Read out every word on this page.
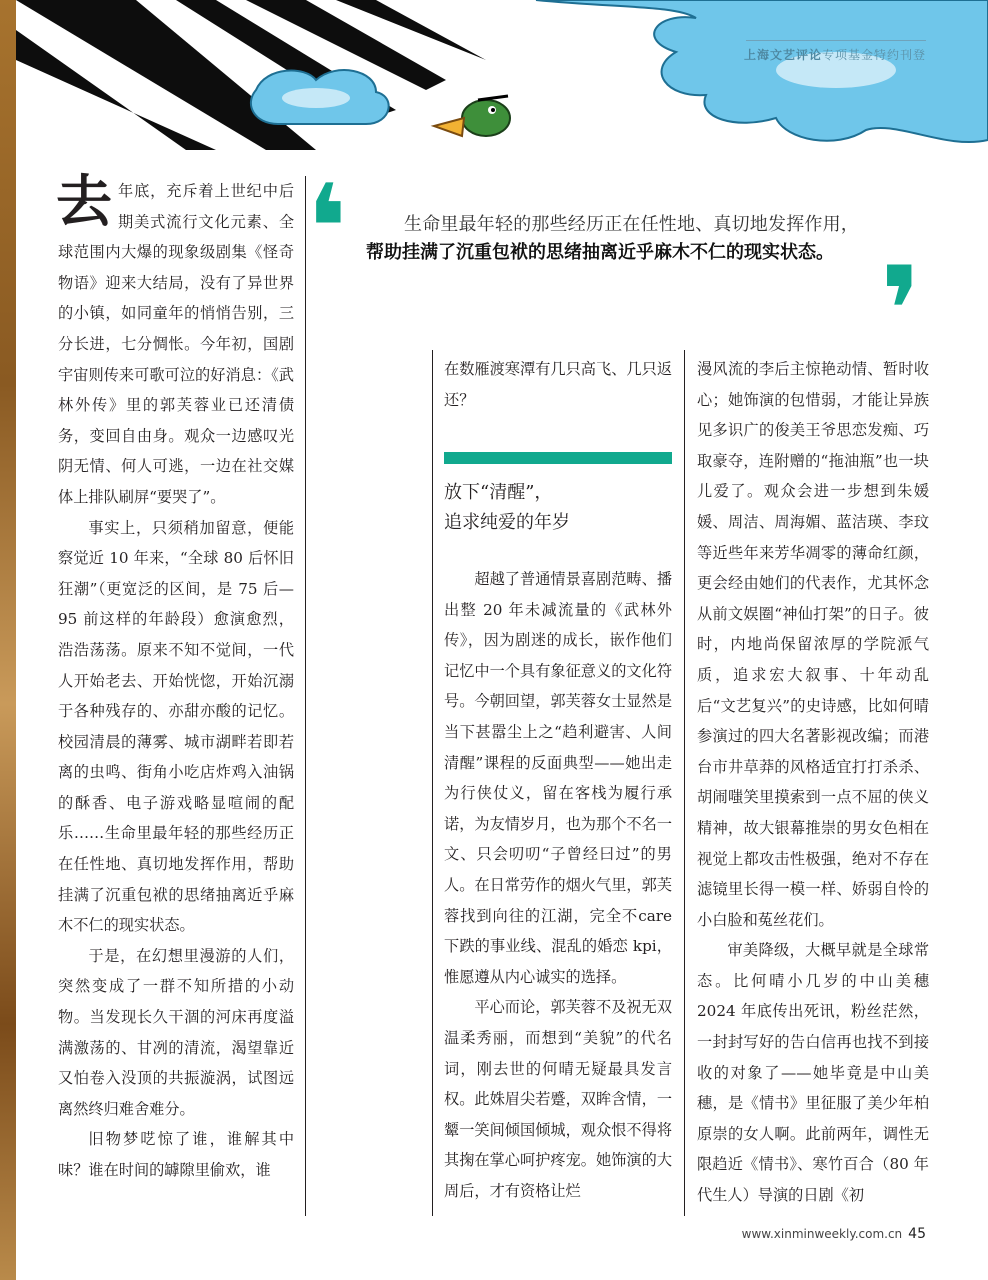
上海文艺评论专项基金特约刊登
❛	生命里最年轻的那些经历正在任性地、真切地发挥作用，
帮助挂满了沉重包袱的思绪抽离近乎麻木不仁的现实状态。 ❜

去年底，充斥着上世纪中后期美式流行文化元素、全球范围内大爆的现象级剧集《怪奇物语》迎来大结局，没有了异世界的小镇，如同童年的悄悄告别，三分长进，七分惆怅。今年初，国剧宇宙则传来可歌可泣的好消息：《武林外传》里的郭芙蓉业已还清债务，变回自由身。观众一边感叹光阴无情、何人可逃，一边在社交媒体上排队刷屏“要哭了”。

事实上，只须稍加留意，便能察觉近 10 年来，“全球 80 后怀旧狂潮”（更宽泛的区间，是 75 后—95 前这样的年龄段）愈演愈烈，浩浩荡荡。原来不知不觉间，一代人开始老去、开始恍惚，开始沉溺于各种残存的、亦甜亦酸的记忆。校园清晨的薄雾、城市湖畔若即若离的虫鸣、街角小吃店炸鸡入油锅的酥香、电子游戏略显喧闹的配乐……生命里最年轻的那些经历正在任性地、真切地发挥作用，帮助挂满了沉重包袱的思绪抽离近乎麻木不仁的现实状态。

于是，在幻想里漫游的人们，突然变成了一群不知所措的小动物。当发现长久干涸的河床再度溢满激荡的、甘冽的清流，渴望靠近又怕卷入没顶的共振漩涡，试图远离然终归难舍难分。

旧物梦呓惊了谁，谁解其中味？谁在时间的罅隙里偷欢，谁

在数雁渡寒潭有几只高飞、几只返还？

放下“清醒”，
追求纯爱的年岁

超越了普通情景喜剧范畴、播出整 20 年未减流量的《武林外传》，因为剧迷的成长，嵌作他们记忆中一个具有象征意义的文化符号。今朝回望，郭芙蓉女士显然是当下甚嚣尘上之“趋利避害、人间清醒”课程的反面典型——她出走为行侠仗义，留在客栈为履行承诺，为友情岁月，也为那个不名一文、只会叨叨“子曾经曰过”的男人。在日常劳作的烟火气里，郭芙蓉找到向往的江湖，完全不care下跌的事业线、混乱的婚恋 kpi，惟愿遵从内心诚实的选择。

平心而论，郭芙蓉不及祝无双温柔秀丽，而想到“美貌”的代名词，刚去世的何晴无疑最具发言权。此姝眉尖若蹙，双眸含情，一颦一笑间倾国倾城，观众恨不得将其掬在掌心呵护疼宠。她饰演的大周后，才有资格让烂

漫风流的李后主惊艳动情、暂时收心；她饰演的包惜弱，才能让异族见多识广的俊美王爷思恋发痴、巧取豪夺，连附赠的“拖油瓶”也一块儿爱了。观众会进一步想到朱媛媛、周洁、周海媚、蓝洁瑛、李玟等近些年来芳华凋零的薄命红颜，更会经由她们的代表作，尤其怀念从前文娱圈“神仙打架”的日子。彼时，内地尚保留浓厚的学院派气质，追求宏大叙事、十年动乱后“文艺复兴”的史诗感，比如何晴参演过的四大名著影视改编；而港台市井草莽的风格适宜打打杀杀、胡闹嗤笑里摸索到一点不屈的侠义精神，故大银幕推崇的男女色相在视觉上都攻击性极强，绝对不存在滤镜里长得一模一样、娇弱自怜的小白脸和菟丝花们。

审美降级，大概早就是全球常态。比何晴小几岁的中山美穗 2024 年底传出死讯，粉丝茫然，一封封写好的告白信再也找不到接收的对象了——她毕竟是中山美穗，是《情书》里征服了美少年柏原崇的女人啊。此前两年，调性无限趋近《情书》、寒竹百合（80 年代生人）导演的日剧《初

www.xinminweekly.com.cn 45
